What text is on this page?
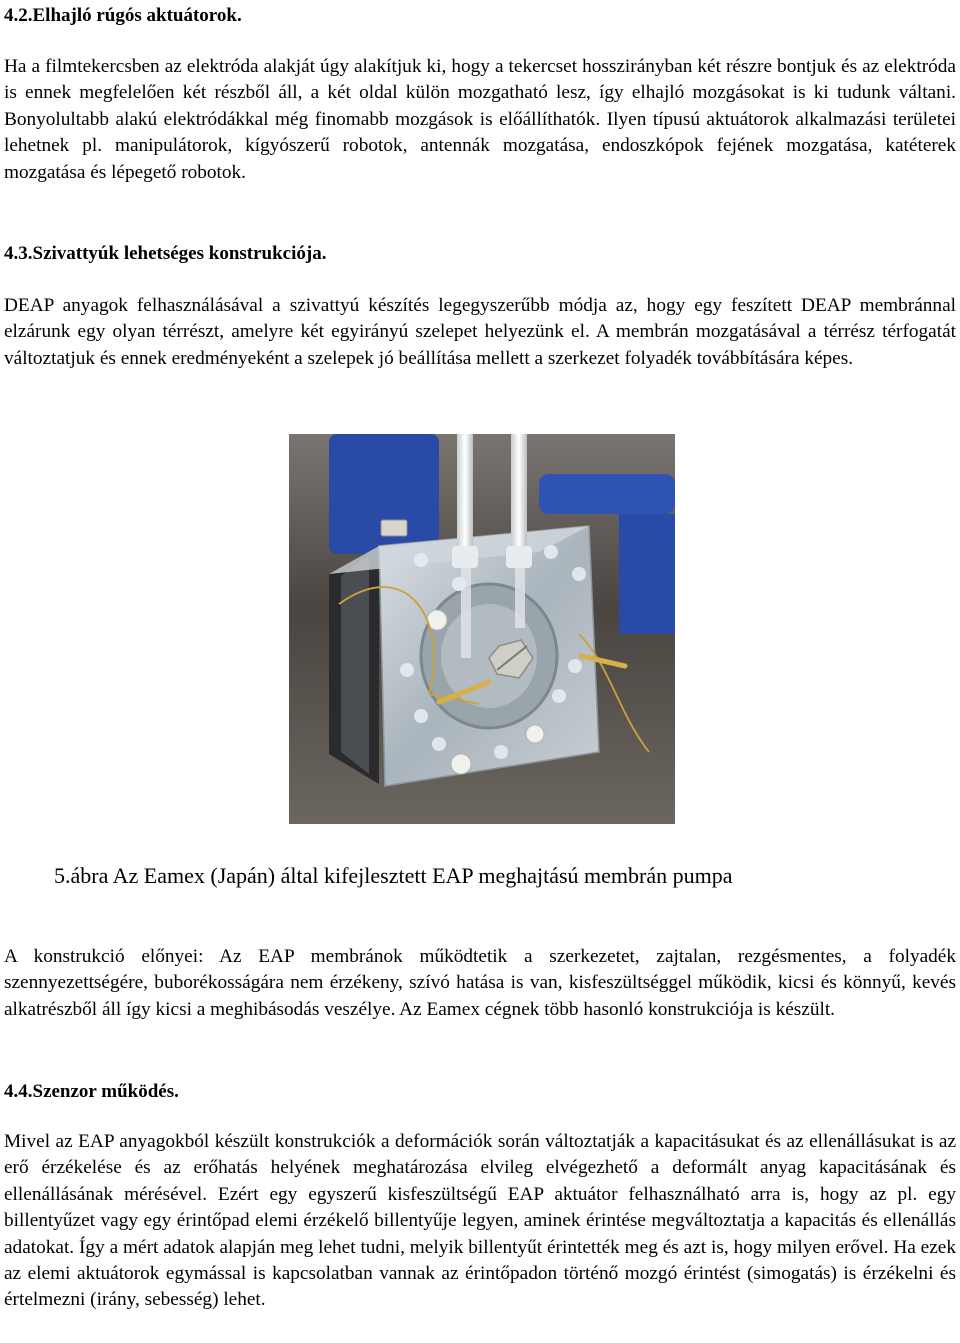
4.2.Elhajló rúgós aktuátorok.

Ha a filmtekercsben az elektróda alakját úgy alakítjuk ki, hogy a tekercset hosszirányban két részre bontjuk és az elektróda is ennek megfelelően két részből áll, a két oldal külön mozgatható lesz, így elhajló mozgásokat is ki tudunk váltani. Bonyolultabb alakú elektródákkal még finomabb mozgások is előállíthatók. Ilyen típusú aktuátorok alkalmazási területei lehetnek pl. manipulátorok, kígyószerű robotok, antennák mozgatása, endoszkópok fejének mozgatása, katéterek mozgatása és lépegető robotok.

4.3.Szivattyúk lehetséges konstrukciója.

DEAP anyagok felhasználásával a szivattyú készítés legegyszerűbb módja az, hogy egy feszített DEAP membránnal elzárunk egy olyan térrészt, amelyre két egyirányú szelepet helyezünk el. A membrán mozgatásával a térrész térfogatát változtatjuk és ennek eredményeként a szelepek jó beállítása mellett a szerkezet folyadék továbbítására képes.

5.ábra Az Eamex (Japán) által kifejlesztett EAP meghajtású membrán pumpa

A konstrukció előnyei: Az EAP membránok működtetik a szerkezetet, zajtalan, rezgésmentes, a folyadék szennyezettségére, buborékosságára nem érzékeny, szívó hatása is van, kisfeszültséggel működik, kicsi és könnyű, kevés alkatrészből áll így kicsi a meghibásodás veszélye. Az Eamex cégnek több hasonló konstrukciója is készült.

4.4.Szenzor működés.

Mivel az EAP anyagokból készült konstrukciók a deformációk során változtatják a kapacitásukat és az ellenállásukat is az erő érzékelése és az erőhatás helyének meghatározása elvileg elvégezhető a deformált anyag kapacitásának és ellenállásának mérésével. Ezért egy egyszerű kisfeszültségű EAP aktuátor felhasználható arra is, hogy az pl. egy billentyűzet vagy egy érintőpad elemi érzékelő billentyűje legyen, aminek érintése megváltoztatja a kapacitás és ellenállás adatokat. Így a mért adatok alapján meg lehet tudni, melyik billentyűt érintették meg és azt is, hogy milyen erővel. Ha ezek az elemi aktuátorok egymással is kapcsolatban vannak az érintőpadon történő mozgó érintést (simogatás) is érzékelni és értelmezni (irány, sebesség) lehet.
